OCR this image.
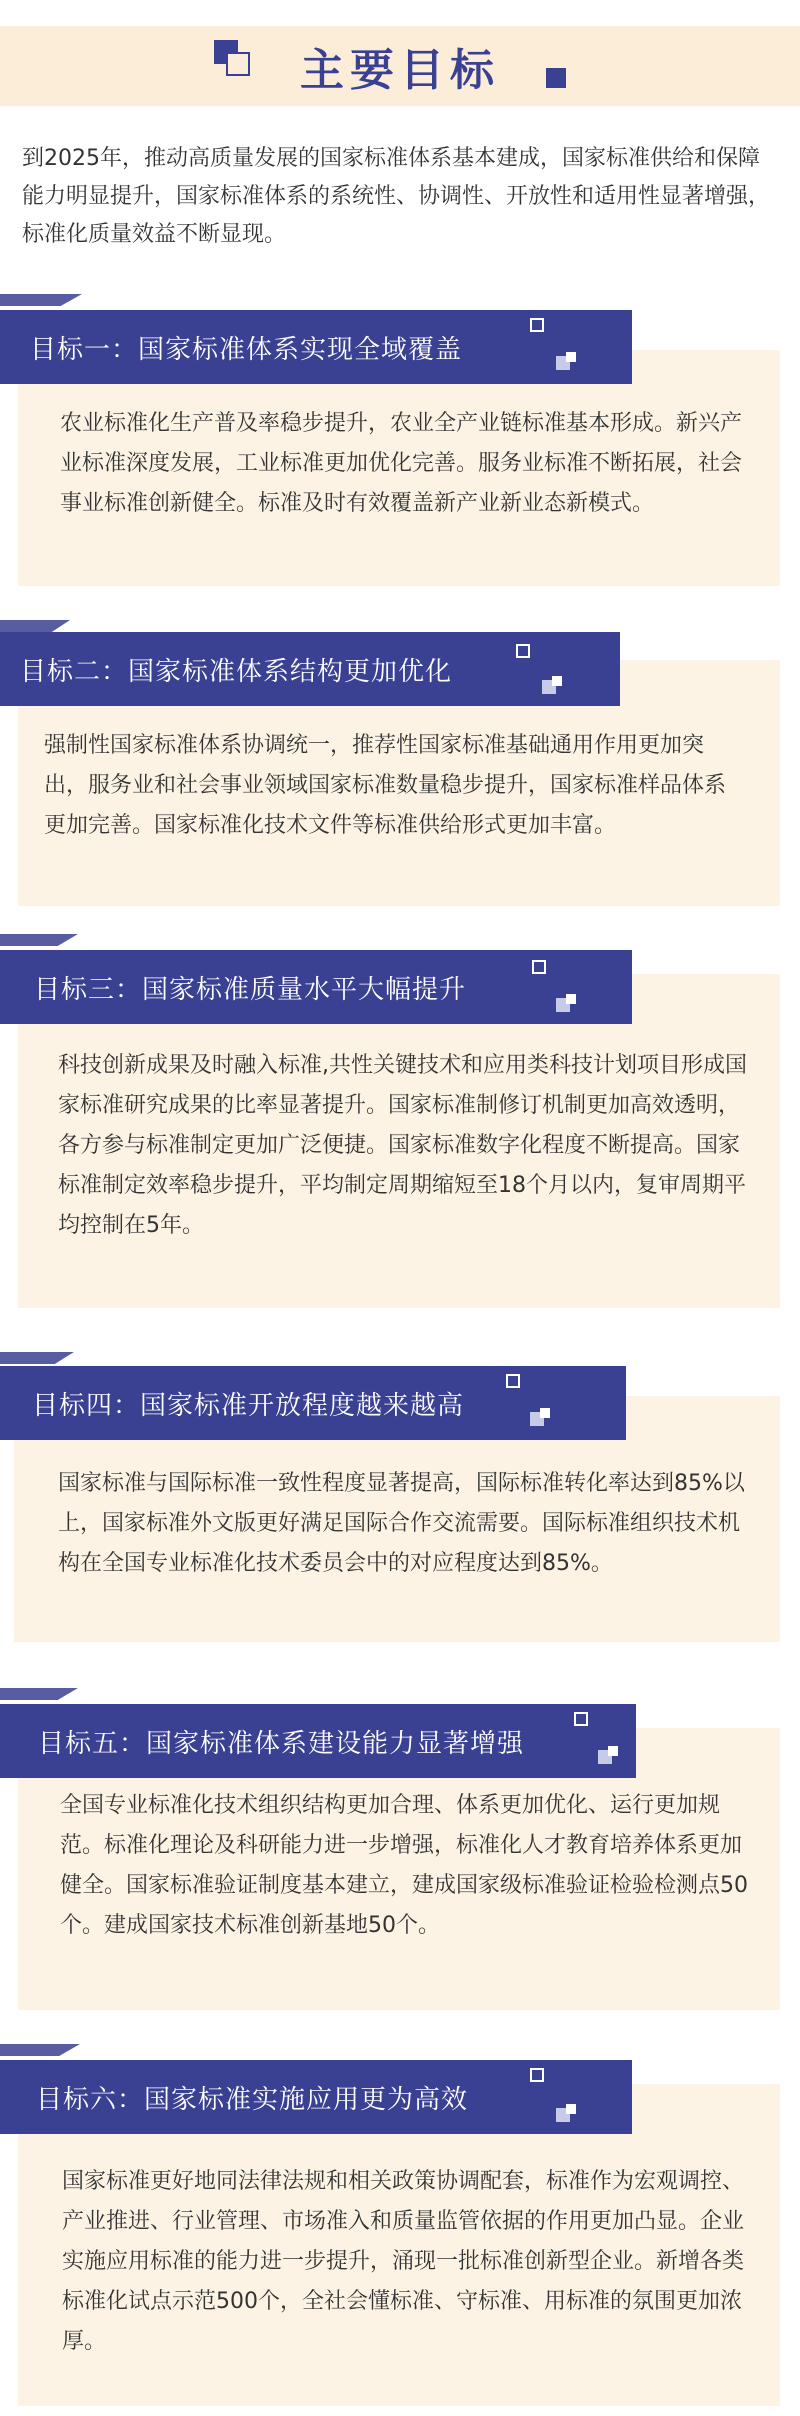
主要目标
到2025年，推动高质量发展的国家标准体系基本建成，国家标准供给和保障能力明显提升，国家标准体系的系统性、协调性、开放性和适用性显著增强，标准化质量效益不断显现。
目标一：国家标准体系实现全域覆盖
农业标准化生产普及率稳步提升，农业全产业链标准基本形成。新兴产业标准深度发展，工业标准更加优化完善。服务业标准不断拓展，社会事业标准创新健全。标准及时有效覆盖新产业新业态新模式。
目标二：国家标准体系结构更加优化
强制性国家标准体系协调统一，推荐性国家标准基础通用作用更加突出，服务业和社会事业领域国家标准数量稳步提升，国家标准样品体系更加完善。国家标准化技术文件等标准供给形式更加丰富。
目标三：国家标准质量水平大幅提升
科技创新成果及时融入标准,共性关键技术和应用类科技计划项目形成国家标准研究成果的比率显著提升。国家标准制修订机制更加高效透明，各方参与标准制定更加广泛便捷。国家标准数字化程度不断提高。国家标准制定效率稳步提升，平均制定周期缩短至18个月以内，复审周期平均控制在5年。
目标四：国家标准开放程度越来越高
国家标准与国际标准一致性程度显著提高，国际标准转化率达到85%以上，国家标准外文版更好满足国际合作交流需要。国际标准组织技术机构在全国专业标准化技术委员会中的对应程度达到85%。
目标五：国家标准体系建设能力显著增强
全国专业标准化技术组织结构更加合理、体系更加优化、运行更加规范。标准化理论及科研能力进一步增强，标准化人才教育培养体系更加健全。国家标准验证制度基本建立，建成国家级标准验证检验检测点50个。建成国家技术标准创新基地50个。
目标六：国家标准实施应用更为高效
国家标准更好地同法律法规和相关政策协调配套，标准作为宏观调控、产业推进、行业管理、市场准入和质量监管依据的作用更加凸显。企业实施应用标准的能力进一步提升，涌现一批标准创新型企业。新增各类标准化试点示范500个，全社会懂标准、守标准、用标准的氛围更加浓厚。
